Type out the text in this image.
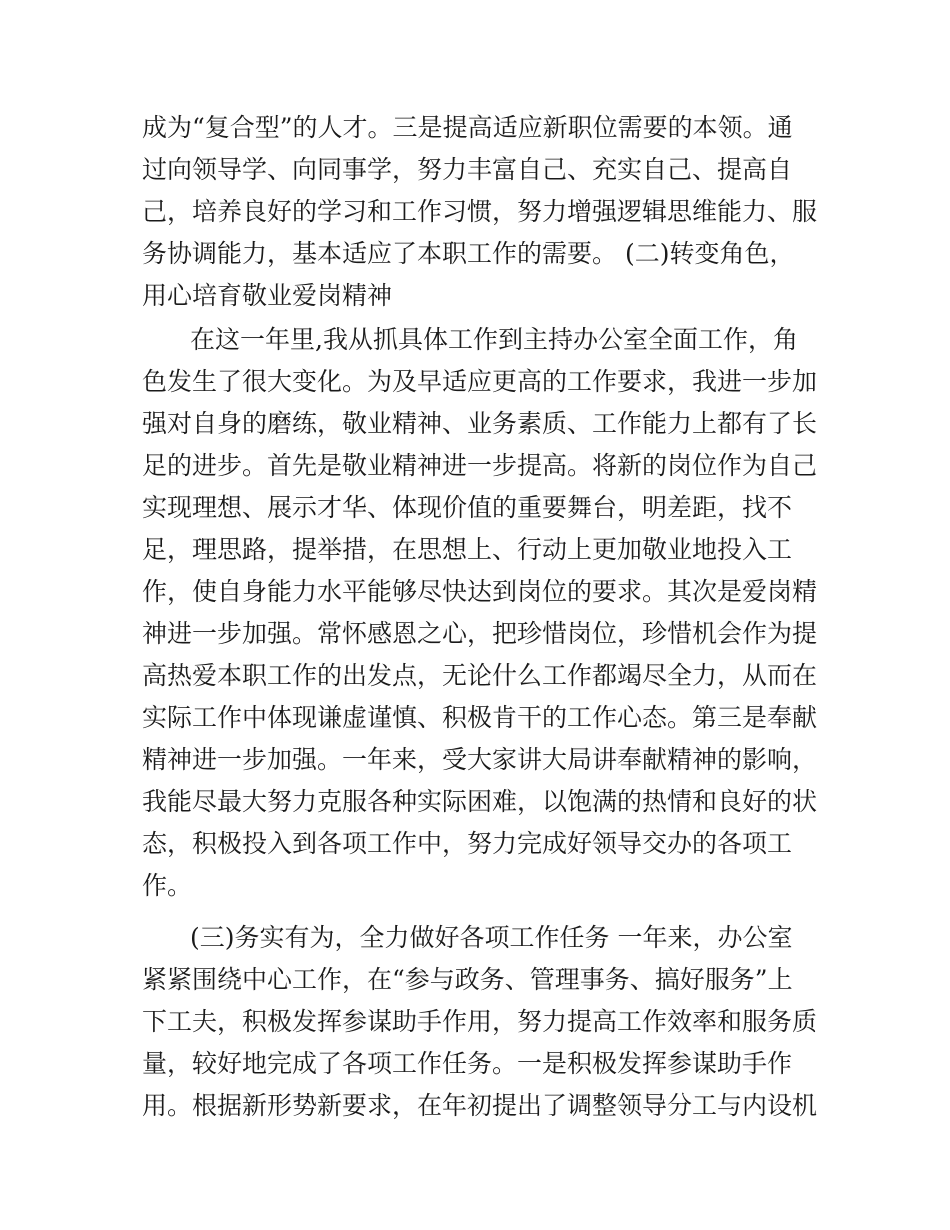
成为“复合型”的人才。三是提高适应新职位需要的本领。通
过向领导学、向同事学，努力丰富自己、充实自己、提高自
己，培养良好的学习和工作习惯，努力增强逻辑思维能力、服
务协调能力，基本适应了本职工作的需要。 (二)转变角色，
用心培育敬业爱岗精神
在这一年里,我从抓具体工作到主持办公室全面工作，角
色发生了很大变化。为及早适应更高的工作要求，我进一步加
强对自身的磨练，敬业精神、业务素质、工作能力上都有了长
足的进步。首先是敬业精神进一步提高。将新的岗位作为自己
实现理想、展示才华、体现价值的重要舞台，明差距，找不
足，理思路，提举措，在思想上、行动上更加敬业地投入工
作，使自身能力水平能够尽快达到岗位的要求。其次是爱岗精
神进一步加强。常怀感恩之心，把珍惜岗位，珍惜机会作为提
高热爱本职工作的出发点，无论什么工作都竭尽全力，从而在
实际工作中体现谦虚谨慎、积极肯干的工作心态。第三是奉献
精神进一步加强。一年来，受大家讲大局讲奉献精神的影响，
我能尽最大努力克服各种实际困难，以饱满的热情和良好的状
态，积极投入到各项工作中，努力完成好领导交办的各项工
作。
(三)务实有为，全力做好各项工作任务 一年来，办公室
紧紧围绕中心工作，在“参与政务、管理事务、搞好服务”上
下工夫，积极发挥参谋助手作用，努力提高工作效率和服务质
量，较好地完成了各项工作任务。一是积极发挥参谋助手作
用。根据新形势新要求，在年初提出了调整领导分工与内设机
